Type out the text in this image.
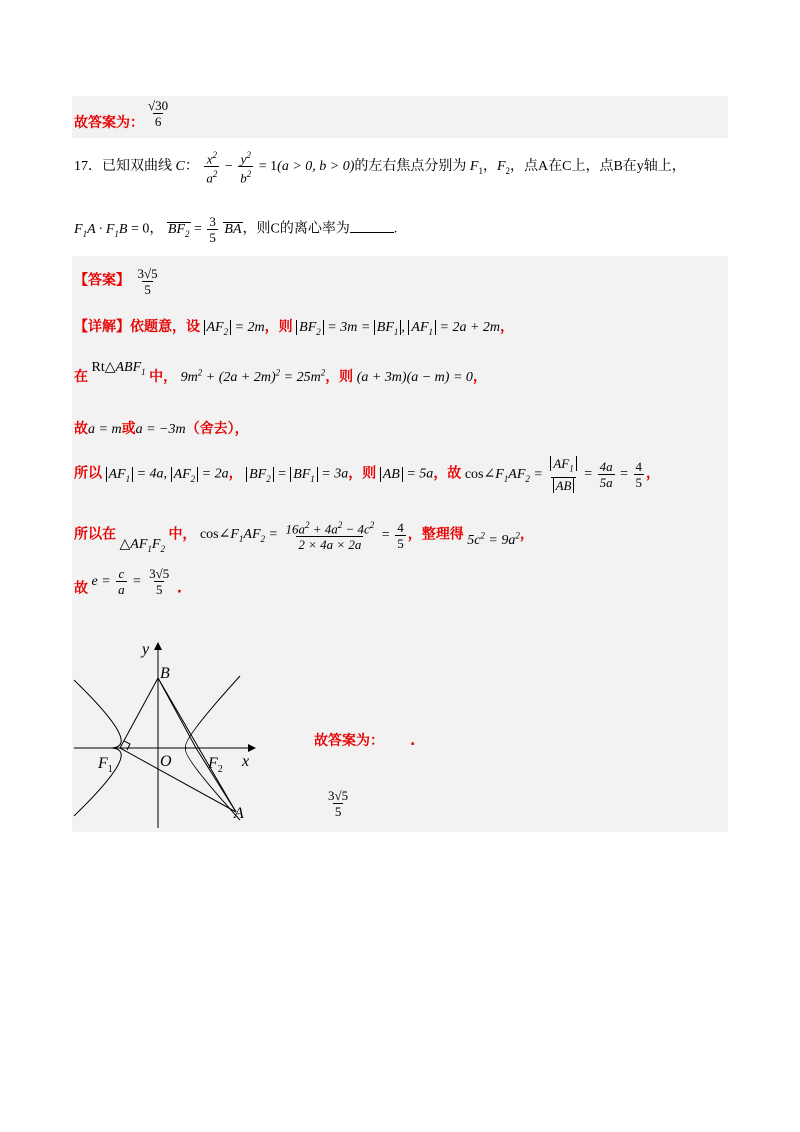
故答案为： $\frac{√30}{6}$
17．已知双曲线 C： $\frac{x^2}{a^2} - \frac{y^2}{b^2} = 1(a > 0$, b > 0)的左右焦点分别为 $F_1$，$F_2$，点A在C上，点B在y轴上，
$F_1A \cdot F_1B = 0$， $BF_2 = \frac{3}{5}$ BA，则C的离心率为	.
【答案】 $\frac{3√5}{5}$
【详解】依题意，设 $AF_2 = 2m$，则 $BF_2 = 3m = BF_1$ , $AF_1 = 2a + 2m$，
在 $Rt\triangle ABF_1$ 中， $9m^2 + (2a + 2m)^2 = 25m^2$，则 (a + 3m)(a − m) = 0，
故a = m或a = −3m（舍去），
所以 $AF_1 = 4a$, $AF_2 = 2a$， $BF_2 = BF_1 = 3a$，则 AB = 5a，故 $\cos\angle F_1AF_2 = \frac{AF_1}{AB} = \frac{4a}{5a} = \frac{4}{5}$ ，
所以在 $\triangle AF_1F_2$ 中， $\cos\angle F_1AF_2 = \frac{16a^2 + 4a^2 - 4c^2}{2 \times 4a \times 2a} = \frac{4}{5}$ ，整理得 $5c^2 = 9a^2$，
故 $e = \frac{c}{a} = \frac{3√5}{5}$ .
y
x
B
O
$F_1$	$F_2$
A
故答案为： .
$\frac{3√5}{5}$
